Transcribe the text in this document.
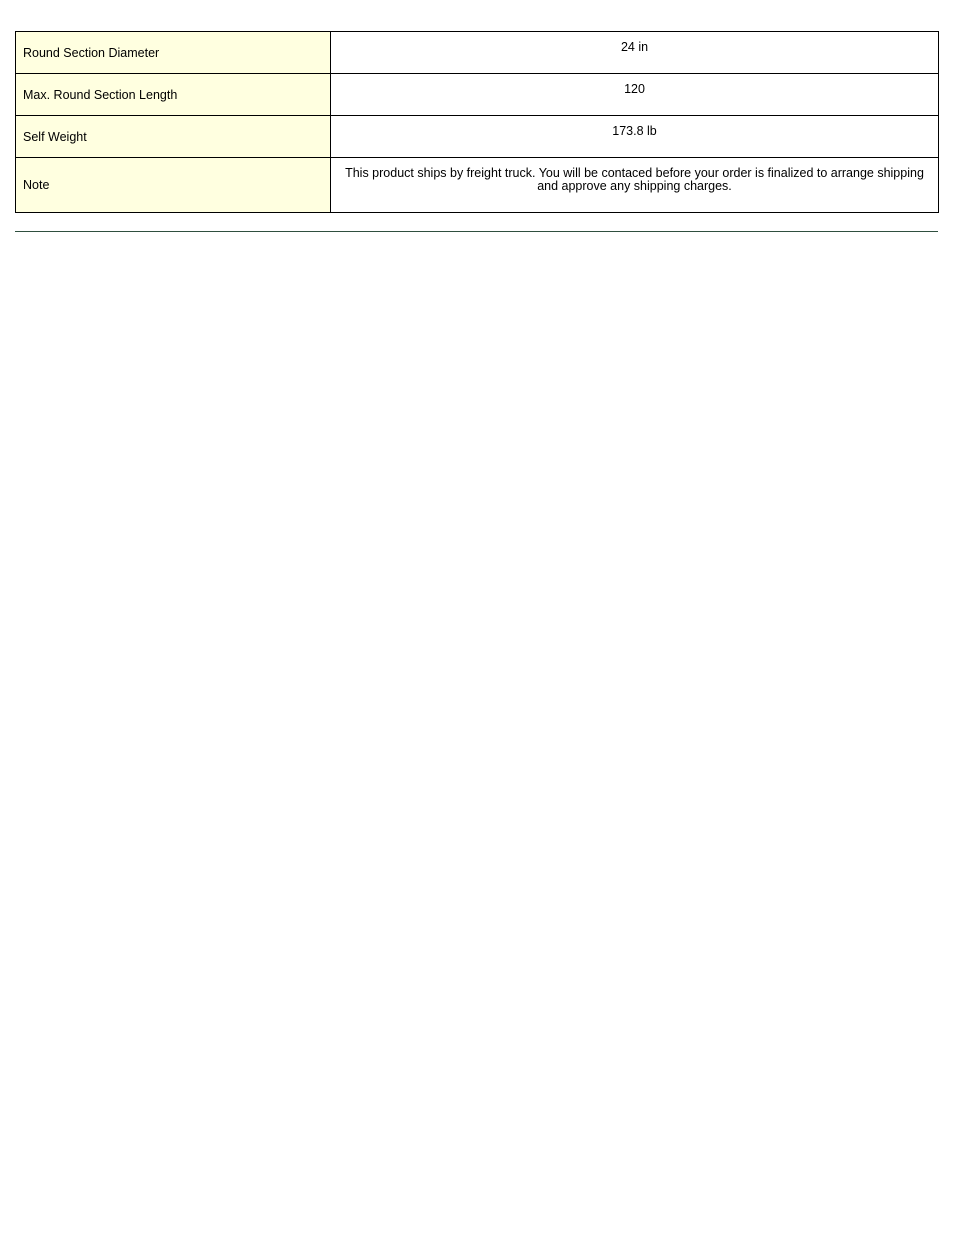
Round Section Diameter	24 in

Max. Round Section Length	120

Self Weight	173.8 lb

Note	This product ships by freight truck. You will be contaced before your order is finalized to arrange shipping and approve any shipping charges.
